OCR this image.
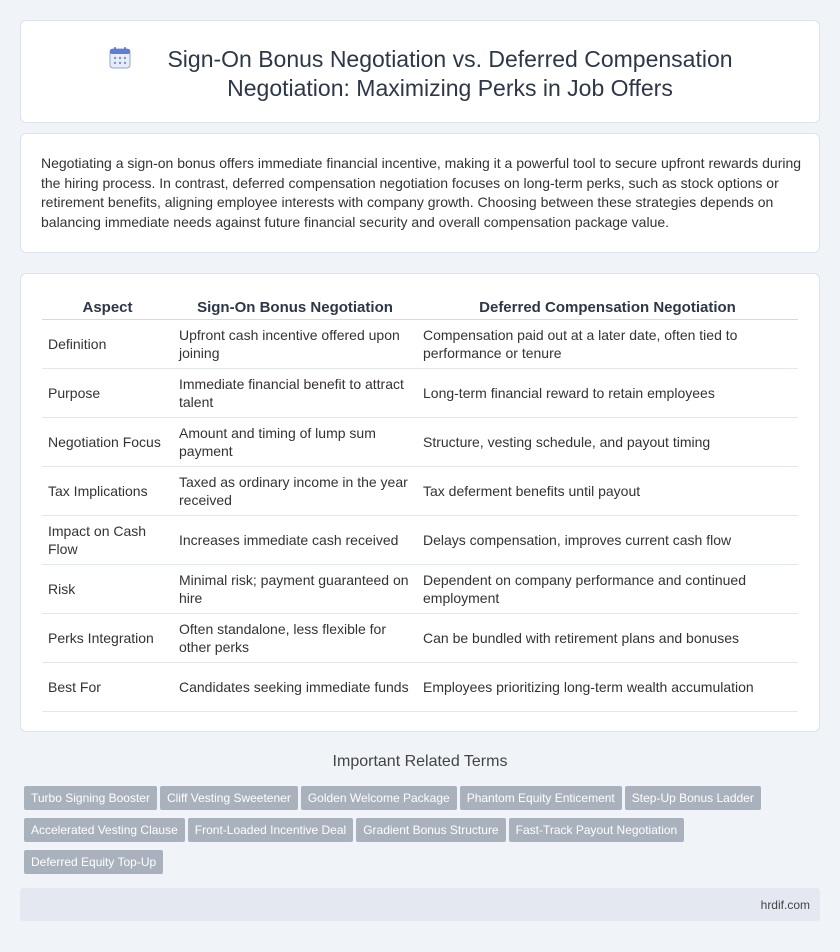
Sign-On Bonus Negotiation vs. Deferred Compensation Negotiation: Maximizing Perks in Job Offers

Negotiating a sign-on bonus offers immediate financial incentive, making it a powerful tool to secure upfront rewards during the hiring process. In contrast, deferred compensation negotiation focuses on long-term perks, such as stock options or retirement benefits, aligning employee interests with company growth. Choosing between these strategies depends on balancing immediate needs against future financial security and overall compensation package value.

Aspect	Sign-On Bonus Negotiation	Deferred Compensation Negotiation
Definition	Upfront cash incentive offered upon joining	Compensation paid out at a later date, often tied to performance or tenure
Purpose	Immediate financial benefit to attract talent	Long-term financial reward to retain employees
Negotiation Focus	Amount and timing of lump sum payment	Structure, vesting schedule, and payout timing
Tax Implications	Taxed as ordinary income in the year received	Tax deferment benefits until payout
Impact on Cash Flow	Increases immediate cash received	Delays compensation, improves current cash flow
Risk	Minimal risk; payment guaranteed on hire	Dependent on company performance and continued employment
Perks Integration	Often standalone, less flexible for other perks	Can be bundled with retirement plans and bonuses
Best For	Candidates seeking immediate funds	Employees prioritizing long-term wealth accumulation
Important Related Terms
Turbo Signing Booster	Cliff Vesting Sweetener	Golden Welcome Package	Phantom Equity Enticement	Step-Up Bonus Ladder
Accelerated Vesting Clause	Front-Loaded Incentive Deal	Gradient Bonus Structure	Fast-Track Payout Negotiation
Deferred Equity Top-Up
hrdif.com
